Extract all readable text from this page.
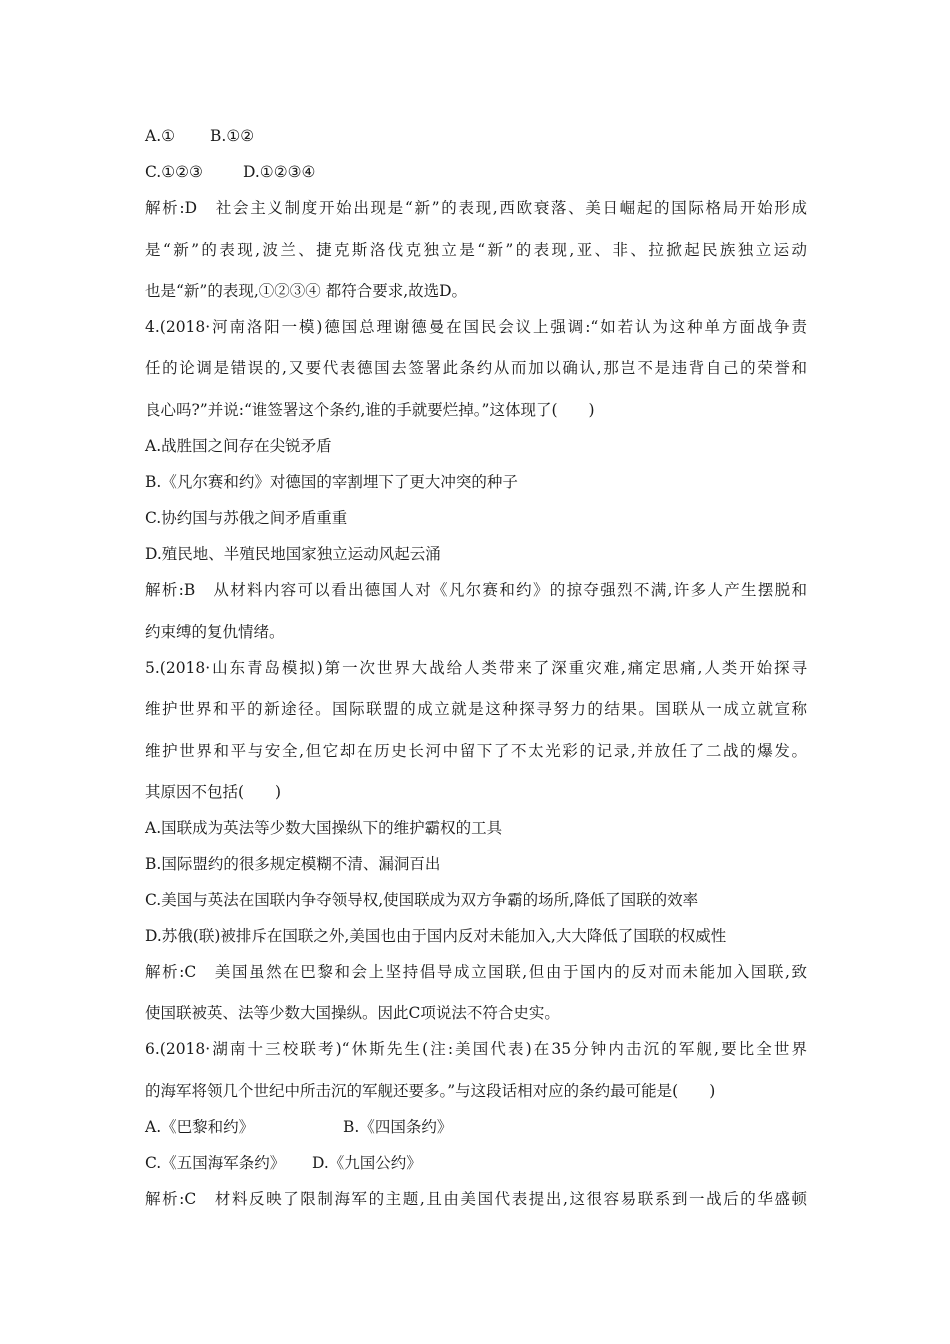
A.① B.①②
C.①②③	D.①②③④
解析:D　社会主义制度开始出现是“新”的表现,西欧衰落、美日崛起的国际格局开始形成
是“新”的表现,波兰、捷克斯洛伐克独立是“新”的表现,亚、非、拉掀起民族独立运动
也是“新”的表现,①②③④ 都符合要求,故选D。
4.(2018·河南洛阳一模)德国总理谢德曼在国民会议上强调:“如若认为这种单方面战争责
任的论调是错误的,又要代表德国去签署此条约从而加以确认,那岂不是违背自己的荣誉和
良心吗?”并说:“谁签署这个条约,谁的手就要烂掉。”这体现了(　　)
A.战胜国之间存在尖锐矛盾
B.《凡尔赛和约》对德国的宰割埋下了更大冲突的种子
C.协约国与苏俄之间矛盾重重
D.殖民地、半殖民地国家独立运动风起云涌
解析:B　从材料内容可以看出德国人对《凡尔赛和约》的掠夺强烈不满,许多人产生摆脱和
约束缚的复仇情绪。
5.(2018·山东青岛模拟)第一次世界大战给人类带来了深重灾难,痛定思痛,人类开始探寻
维护世界和平的新途径。国际联盟的成立就是这种探寻努力的结果。国联从一成立就宣称
维护世界和平与安全,但它却在历史长河中留下了不太光彩的记录,并放任了二战的爆发。
其原因不包括(　　)
A.国联成为英法等少数大国操纵下的维护霸权的工具
B.国际盟约的很多规定模糊不清、漏洞百出
C.美国与英法在国联内争夺领导权,使国联成为双方争霸的场所,降低了国联的效率
D.苏俄(联)被排斥在国联之外,美国也由于国内反对未能加入,大大降低了国联的权威性
解析:C　美国虽然在巴黎和会上坚持倡导成立国联,但由于国内的反对而未能加入国联,致
使国联被英、法等少数大国操纵。因此C项说法不符合史实。
6.(2018·湖南十三校联考)“休斯先生(注:美国代表)在35分钟内击沉的军舰,要比全世界
的海军将领几个世纪中所击沉的军舰还要多。”与这段话相对应的条约最可能是(　　)
A.《巴黎和约》	B.《四国条约》
C.《五国海军条约》 D.《九国公约》
解析:C　材料反映了限制海军的主题,且由美国代表提出,这很容易联系到一战后的华盛顿
